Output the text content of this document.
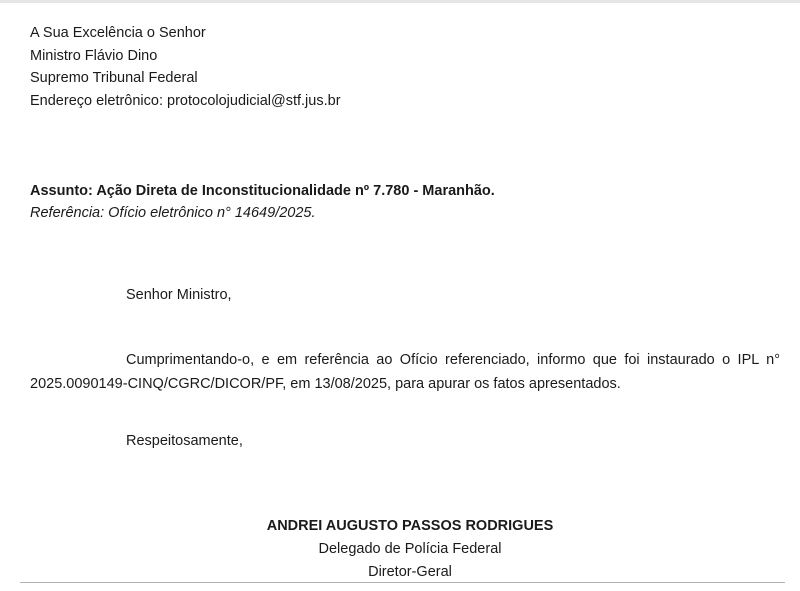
A Sua Excelência o Senhor
Ministro Flávio Dino
Supremo Tribunal Federal
Endereço eletrônico: protocolojudicial@stf.jus.br
Assunto: Ação Direta de Inconstitucionalidade nº 7.780 - Maranhão.
Referência: Ofício eletrônico n° 14649/2025.
Senhor Ministro,
Cumprimentando-o, e em referência ao Ofício referenciado, informo que foi instaurado o IPL n° 2025.0090149-CINQ/CGRC/DICOR/PF, em 13/08/2025, para apurar os fatos apresentados.
Respeitosamente,
ANDREI AUGUSTO PASSOS RODRIGUES
Delegado de Polícia Federal
Diretor-Geral
